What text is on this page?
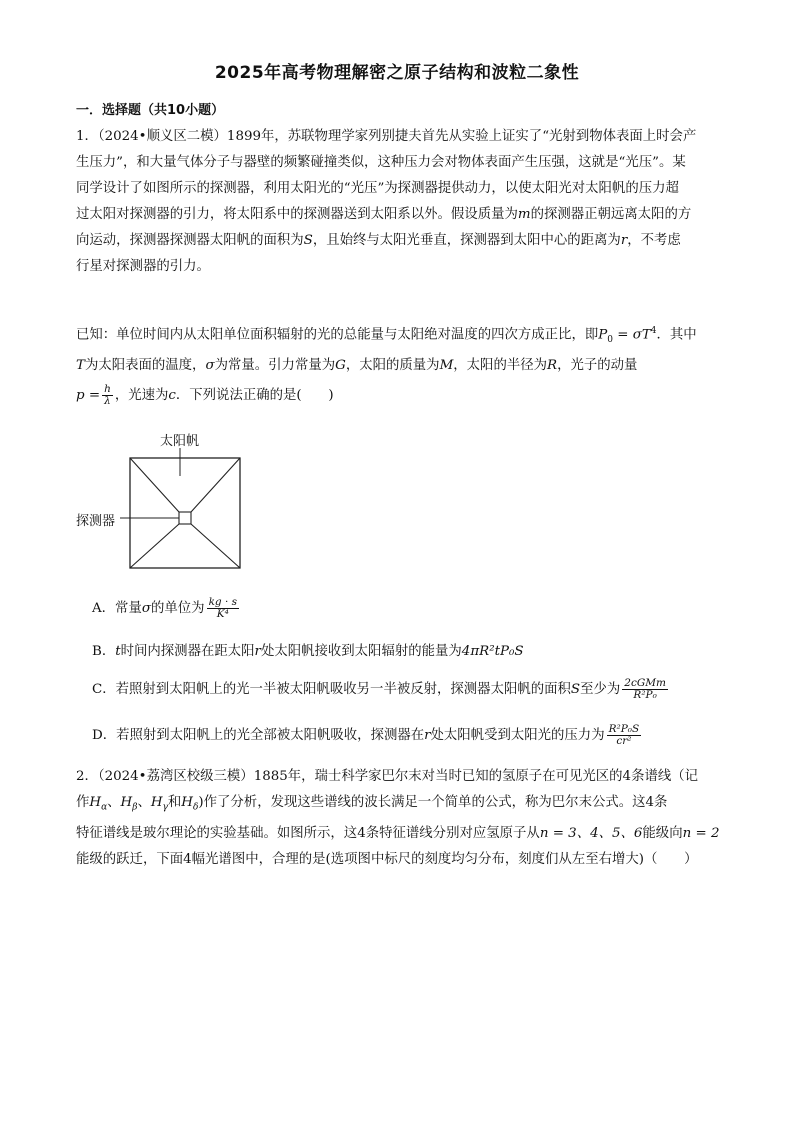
2025年高考物理解密之原子结构和波粒二象性
一．选择题（共10小题）
1．（2024•顺义区二模）1899年，苏联物理学家列别捷夫首先从实验上证实了“光射到物体表面上时会产
生压力”，和大量气体分子与器壁的频繁碰撞类似，这种压力会对物体表面产生压强，这就是“光压”。某
同学设计了如图所示的探测器，利用太阳光的“光压”为探测器提供动力，以使太阳光对太阳帆的压力超
过太阳对探测器的引力，将太阳系中的探测器送到太阳系以外。假设质量为m的探测器正朝远离太阳的方
向运动，探测器探测器太阳帆的面积为S，且始终与太阳光垂直，探测器到太阳中心的距离为r，不考虑
行星对探测器的引力。
已知：单位时间内从太阳单位面积辐射的光的总能量与太阳绝对温度的四次方成正比，即$P_0 = \sigma T^4$．其中
T为太阳表面的温度，σ为常量。引力常量为G，太阳的质量为M，太阳的半径为R，光子的动量
$p = \frac{h}{\lambda}$ ，光速为c．下列说法正确的是(　　)
太阳帆
探测器
A．常量σ的单位为 $\frac{kg \cdot s}{\text{K⁴}}$
B．t时间内探测器在距太阳r处太阳帆接收到太阳辐射的能量为4πR²tP₀S
C．若照射到太阳帆上的光一半被太阳帆吸收另一半被反射，探测器太阳帆的面积S至少为 $\frac{\text{2cGMm}}{\text{R²P₀}}$
D．若照射到太阳帆上的光全部被太阳帆吸收，探测器在r处太阳帆受到太阳光的压力为 $\frac{\text{R²P₀S}}{\text{cr²}}$
2．（2024•荔湾区校级三模）1885年，瑞士科学家巴尔末对当时已知的氢原子在可见光区的4条谱线（记
作$H_\alpha$、$H_\beta$、$H_\gamma$和$H_\delta$)作了分析，发现这些谱线的波长满足一个简单的公式，称为巴尔末公式。这4条
特征谱线是玻尔理论的实验基础。如图所示，这4条特征谱线分别对应氢原子从n = 3、4、5、6能级向n = 2
能级的跃迁，下面4幅光谱图中，合理的是(选项图中标尺的刻度均匀分布，刻度们从左至右增大)（　　）
